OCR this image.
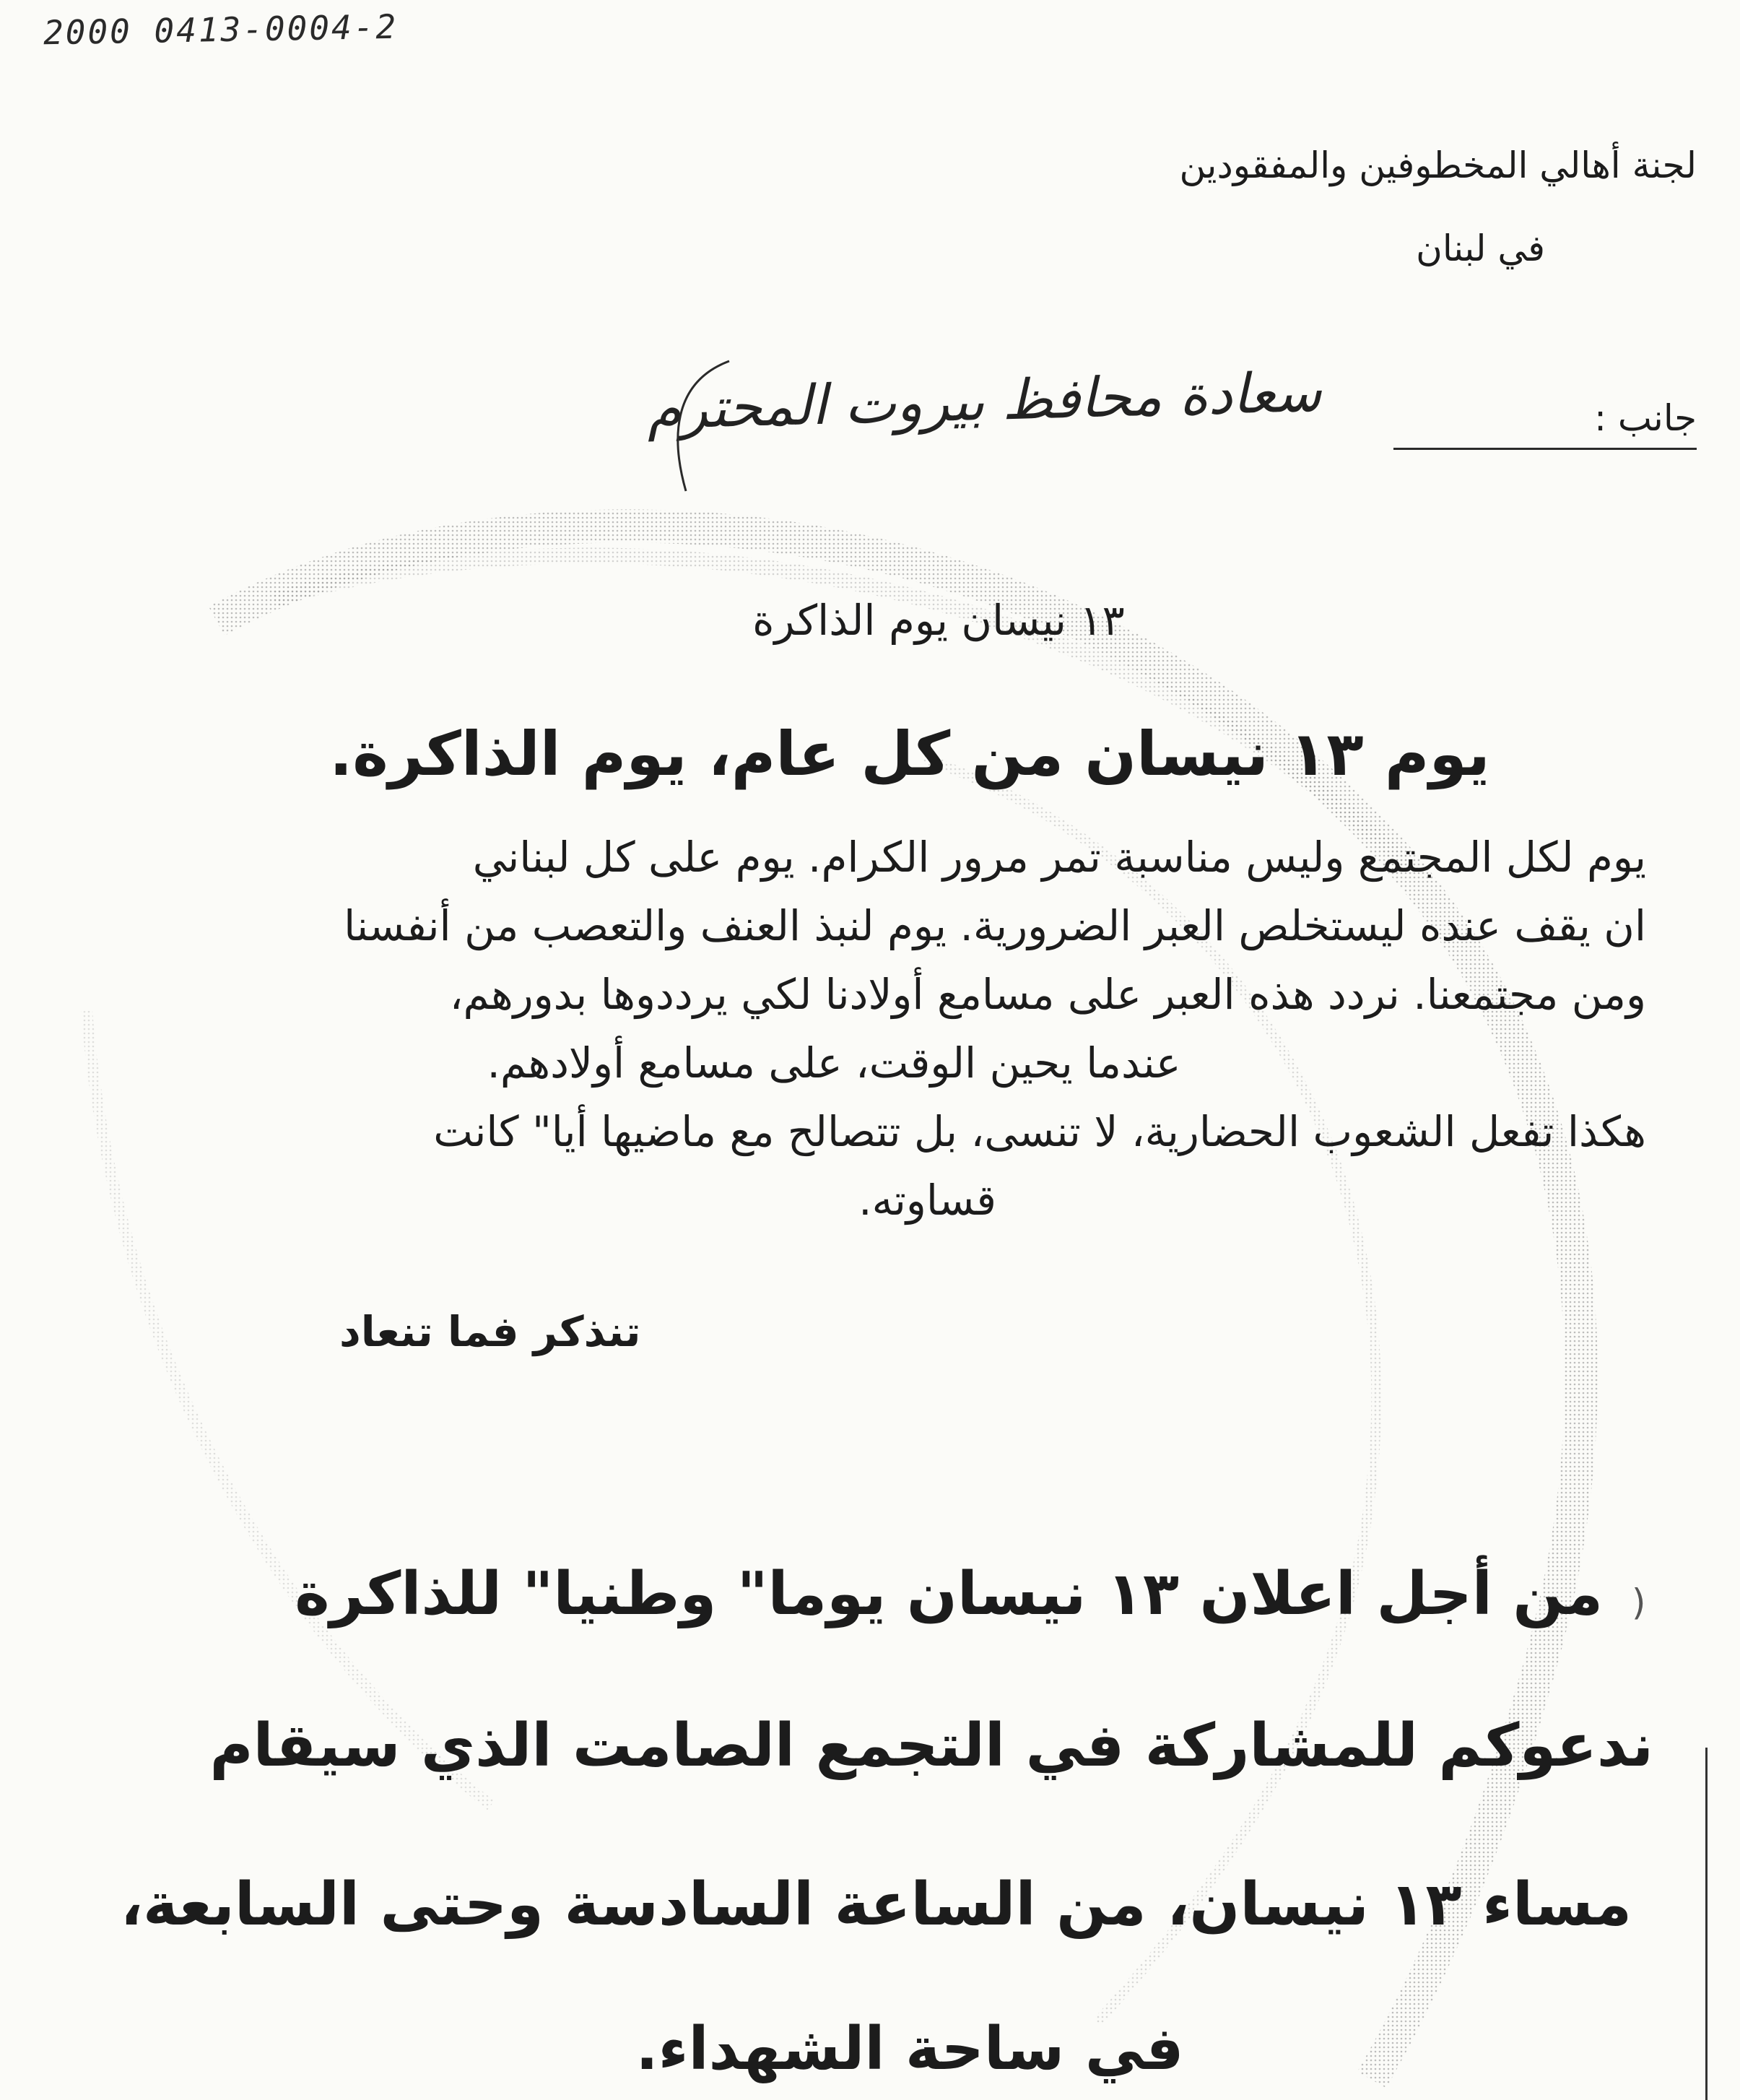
2000 0413-0004-2
لجنة أهالي المخطوفين والمفقودين
في لبنان
جانب :
سعادة محافظ بيروت المحترم
١٣ نيسان يوم الذاكرة
يوم ١٣ نيسان من كل عام، يوم الذاكرة.
يوم لكل المجتمع وليس مناسبة تمر مرور الكرام. يوم على كل لبناني
ان يقف عنده ليستخلص العبر الضرورية. يوم لنبذ العنف والتعصب من أنفسنا
ومن مجتمعنا. نردد هذه العبر على مسامع أولادنا لكي يرددوها بدورهم،
عندما يحين الوقت، على مسامع أولادهم.
هكذا تفعل الشعوب الحضارية، لا تنسى، بل تتصالح مع ماضيها أيا" كانت
قساوته.
تنذكر فما تنعاد
)
من أجل اعلان ١٣ نيسان يوما" وطنيا" للذاكرة
ندعوكم للمشاركة في التجمع الصامت الذي سيقام
مساء ١٣ نيسان، من الساعة السادسة وحتى السابعة،
في ساحة الشهداء.
